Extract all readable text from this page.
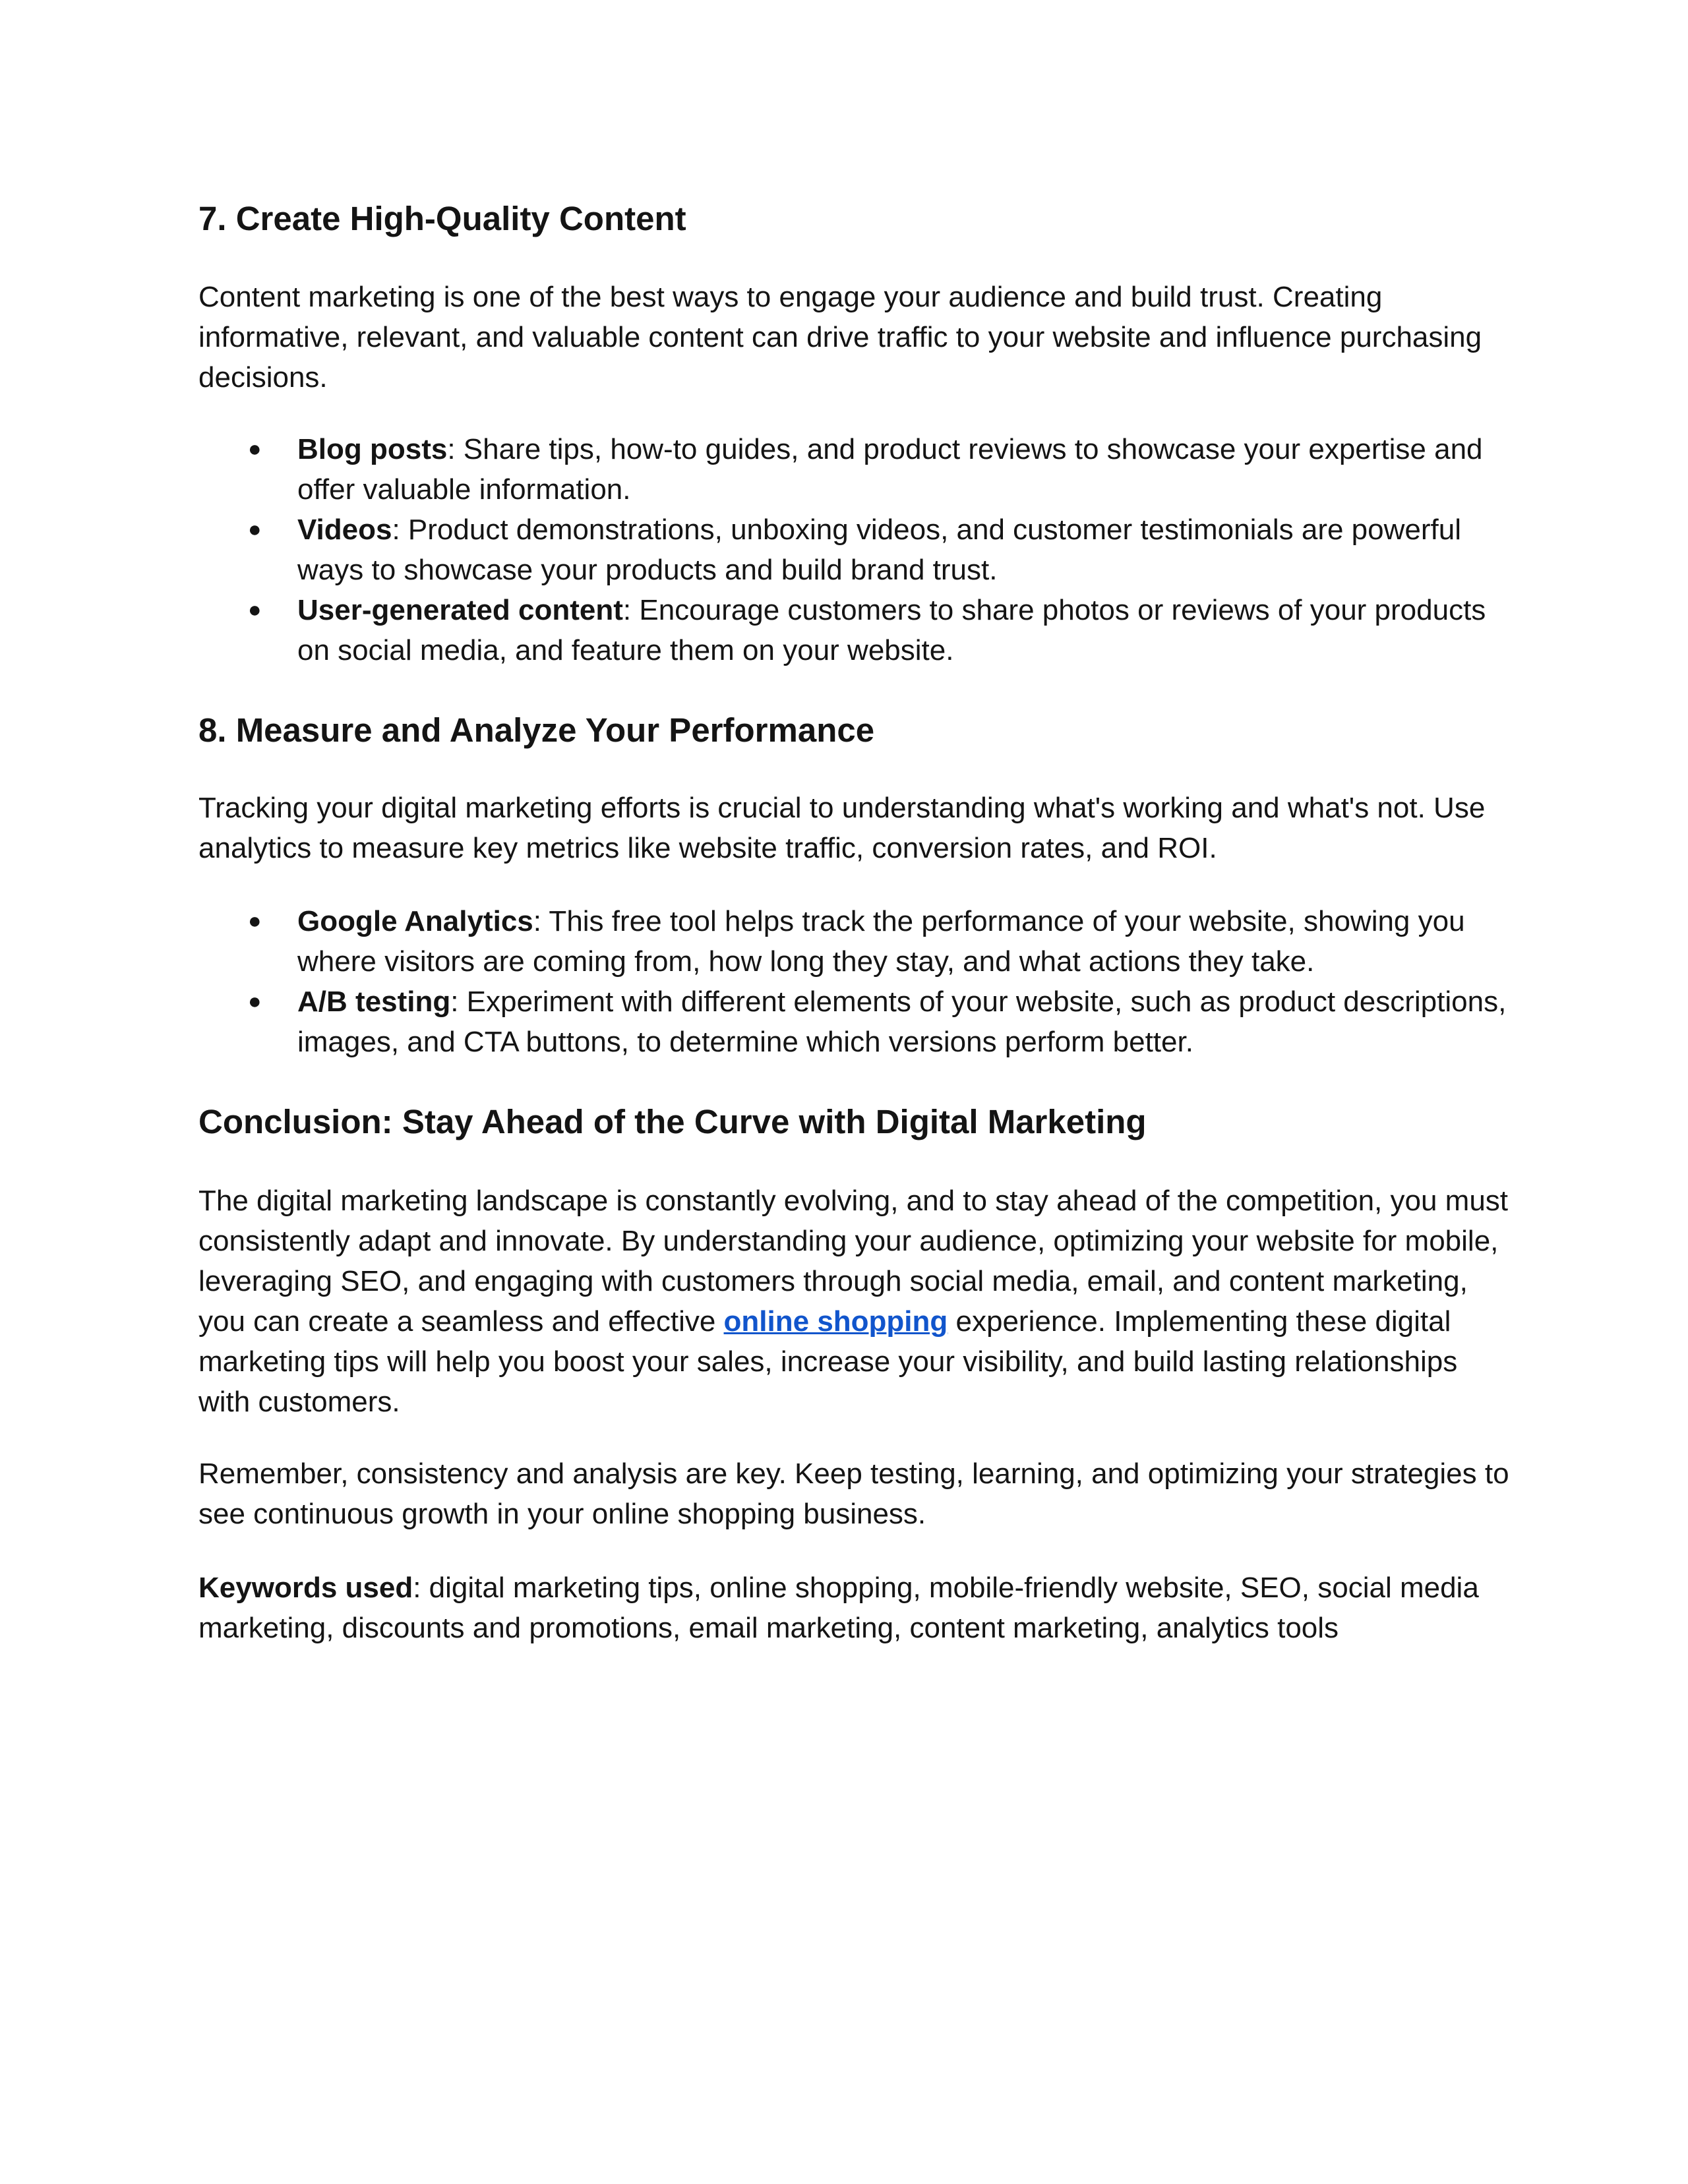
7. Create High-Quality Content

Content marketing is one of the best ways to engage your audience and build trust. Creating informative, relevant, and valuable content can drive traffic to your website and influence purchasing decisions.

● Blog posts: Share tips, how-to guides, and product reviews to showcase your expertise and offer valuable information.
● Videos: Product demonstrations, unboxing videos, and customer testimonials are powerful ways to showcase your products and build brand trust.
● User-generated content: Encourage customers to share photos or reviews of your products on social media, and feature them on your website.
8. Measure and Analyze Your Performance

Tracking your digital marketing efforts is crucial to understanding what's working and what's not. Use analytics to measure key metrics like website traffic, conversion rates, and ROI.

● Google Analytics: This free tool helps track the performance of your website, showing you where visitors are coming from, how long they stay, and what actions they take.
● A/B testing: Experiment with different elements of your website, such as product descriptions, images, and CTA buttons, to determine which versions perform better.
Conclusion: Stay Ahead of the Curve with Digital Marketing

The digital marketing landscape is constantly evolving, and to stay ahead of the competition, you must consistently adapt and innovate. By understanding your audience, optimizing your website for mobile, leveraging SEO, and engaging with customers through social media, email, and content marketing, you can create a seamless and effective online shopping experience. Implementing these digital marketing tips will help you boost your sales, increase your visibility, and build lasting relationships with customers.

Remember, consistency and analysis are key. Keep testing, learning, and optimizing your strategies to see continuous growth in your online shopping business.

Keywords used: digital marketing tips, online shopping, mobile-friendly website, SEO, social media marketing, discounts and promotions, email marketing, content marketing, analytics tools
